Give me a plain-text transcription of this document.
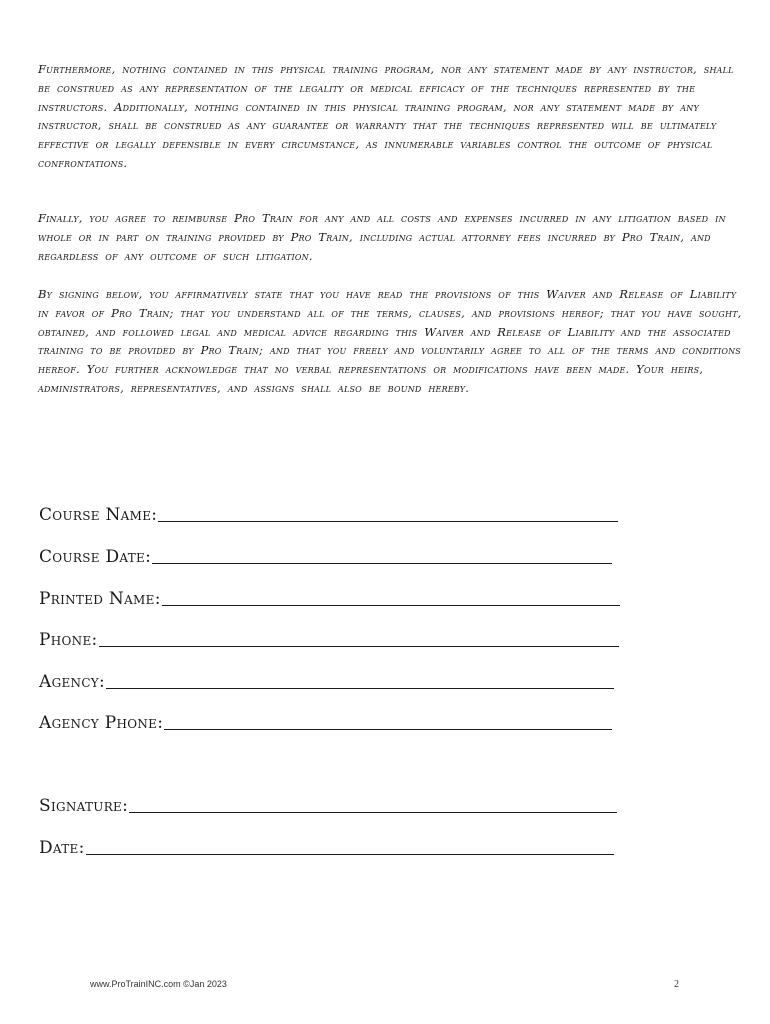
Furthermore, nothing contained in this physical training program, nor any statement made by any instructor, shall be construed as any representation of the legality or medical efficacy of the techniques represented by the instructors. Additionally, nothing contained in this physical training program, nor any statement made by any instructor, shall be construed as any guarantee or warranty that the techniques represented will be ultimately effective or legally defensible in every circumstance, as innumerable variables control the outcome of physical confrontations.

Finally, you agree to reimburse Pro Train for any and all costs and expenses incurred in any litigation based in whole or in part on training provided by Pro Train, including actual attorney fees incurred by Pro Train, and regardless of any outcome of such litigation.

By signing below, you affirmatively state that you have read the provisions of this Waiver and Release of Liability in favor of Pro Train; that you understand all of the terms, clauses, and provisions hereof; that you have sought, obtained, and followed legal and medical advice regarding this Waiver and Release of Liability and the associated training to be provided by Pro Train; and that you freely and voluntarily agree to all of the terms and conditions hereof. You further acknowledge that no verbal representations or modifications have been made. Your heirs, administrators, representatives, and assigns shall also be bound hereby.

Course Name:
Course Date:
Printed Name:
Phone:
Agency:
Agency Phone:
Signature:
Date:
www.ProTrainINC.com ©Jan 2023	2
